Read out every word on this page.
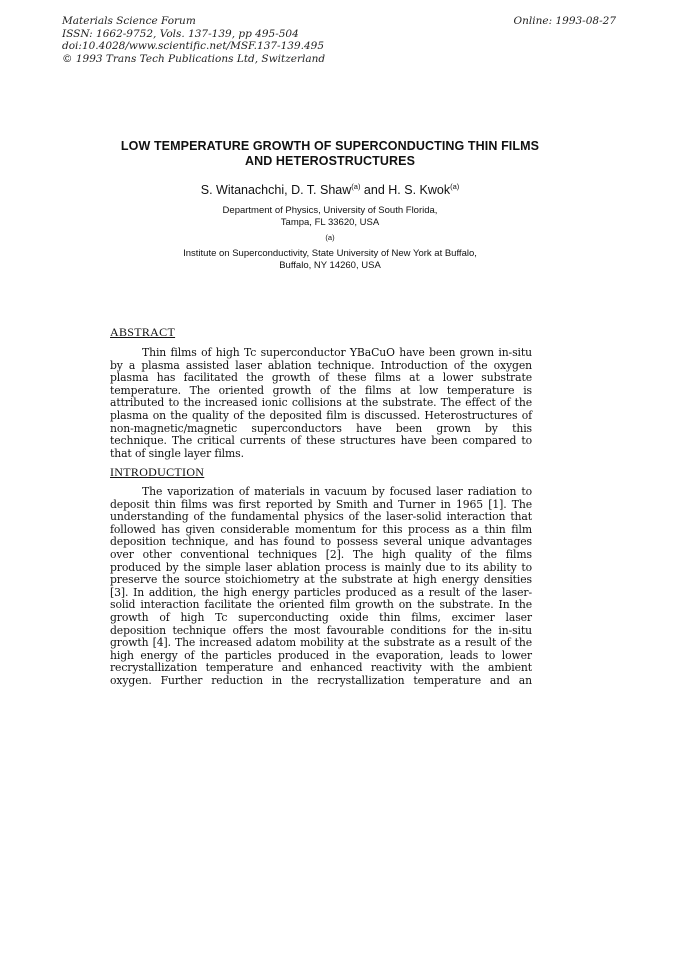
Materials Science Forum
ISSN: 1662-9752, Vols. 137-139, pp 495-504
doi:10.4028/www.scientific.net/MSF.137-139.495
© 1993 Trans Tech Publications Ltd, Switzerland
Online: 1993-08-27
LOW TEMPERATURE GROWTH OF SUPERCONDUCTING THIN FILMS
AND HETEROSTRUCTURES
S. Witanachchi, D. T. Shaw$^{(a)}$ and H. S. Kwok$^{(a)}$
Department of Physics, University of South Florida,
Tampa, FL 33620, USA
$^{(a)}$
Institute on Superconductivity, State University of New York at Buffalo,
Buffalo, NY 14260, USA
ABSTRACT
Thin films of high Tc superconductor YBaCuO have been grown in-situ
by a plasma assisted laser ablation technique. Introduction of the oxygen
plasma has facilitated the growth of these films at a lower substrate
temperature. The oriented growth of the films at low temperature is
attributed to the increased ionic collisions at the substrate. The effect of the
plasma on the quality of the deposited film is discussed. Heterostructures of
non-magnetic/magnetic superconductors have been grown by this
technique. The critical currents of these structures have been compared to
that of single layer films.
INTRODUCTION
The vaporization of materials in vacuum by focused laser radiation to
deposit thin films was first reported by Smith and Turner in 1965 [1]. The
understanding of the fundamental physics of the laser-solid interaction that
followed has given considerable momentum for this process as a thin film
deposition technique, and has found to possess several unique advantages
over other conventional techniques [2]. The high quality of the films
produced by the simple laser ablation process is mainly due to its ability to
preserve the source stoichiometry at the substrate at high energy densities
[3]. In addition, the high energy particles produced as a result of the laser-
solid interaction facilitate the oriented film growth on the substrate. In the
growth of high Tc superconducting oxide thin films, excimer laser
deposition technique offers the most favourable conditions for the in-situ
growth [4]. The increased adatom mobility at the substrate as a result of the
high energy of the particles produced in the evaporation, leads to lower
recrystallization temperature and enhanced reactivity with the ambient
oxygen. Further reduction in the recrystallization temperature and an
